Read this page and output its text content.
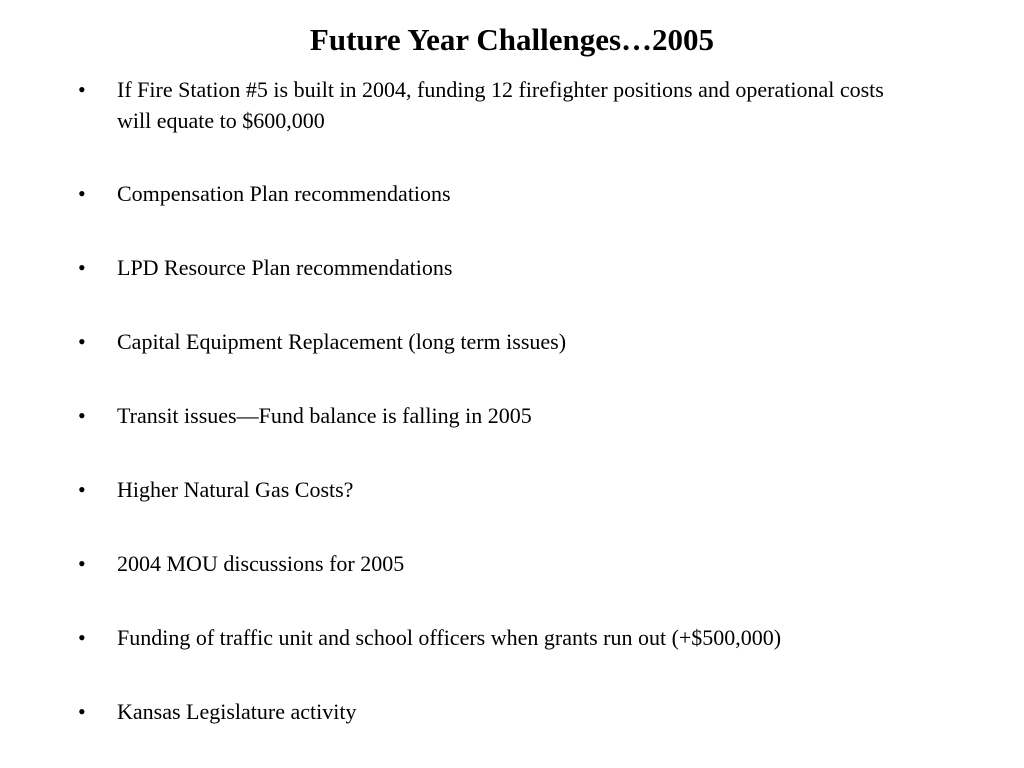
Future Year Challenges…2005
•	If Fire Station #5 is built in 2004, funding 12 firefighter positions and operational costs will equate to $600,000
•	Compensation Plan recommendations
•	LPD Resource Plan recommendations
•	Capital Equipment Replacement (long term issues)
•	Transit issues—Fund balance is falling in 2005
•	Higher Natural Gas Costs?
•	2004 MOU discussions for 2005
•	Funding of traffic unit and school officers when grants run out (+$500,000)
•	Kansas Legislature activity
